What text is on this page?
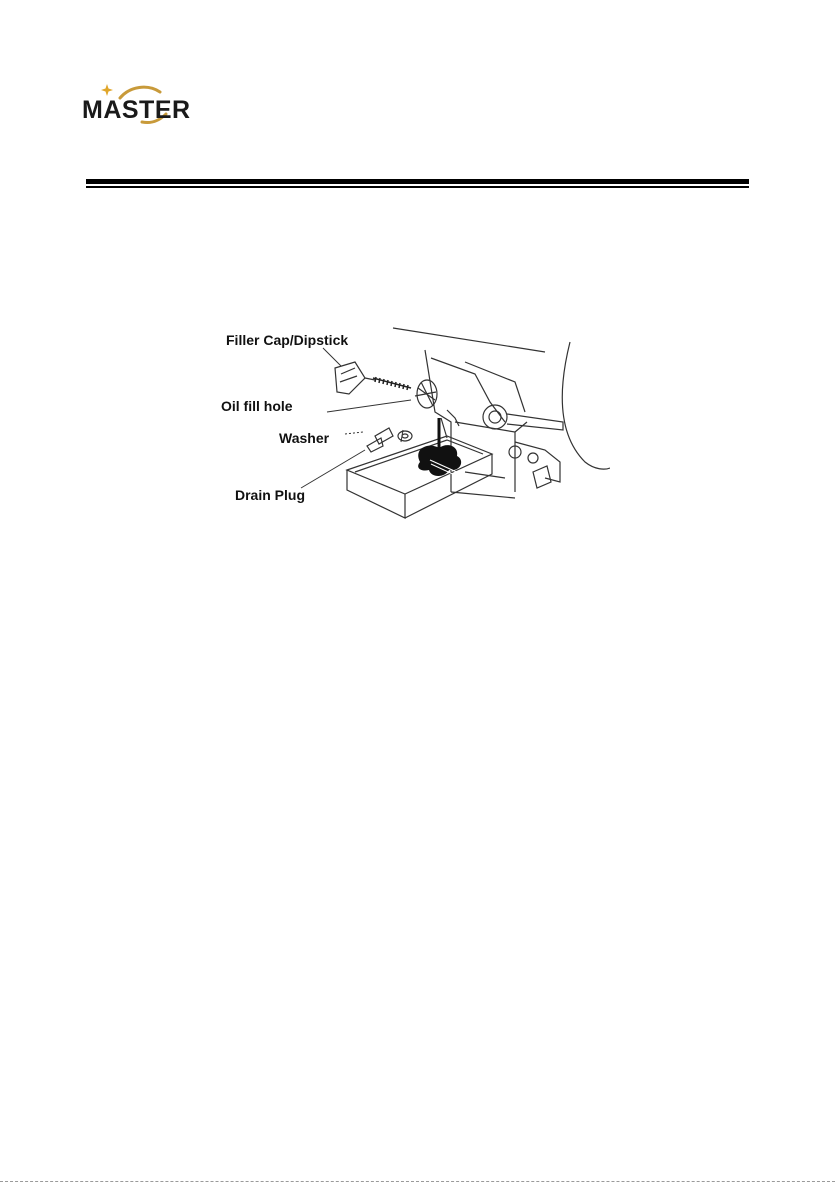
MASTER
Filler Cap/Dipstick
Oil fill hole
Washer
Drain Plug
